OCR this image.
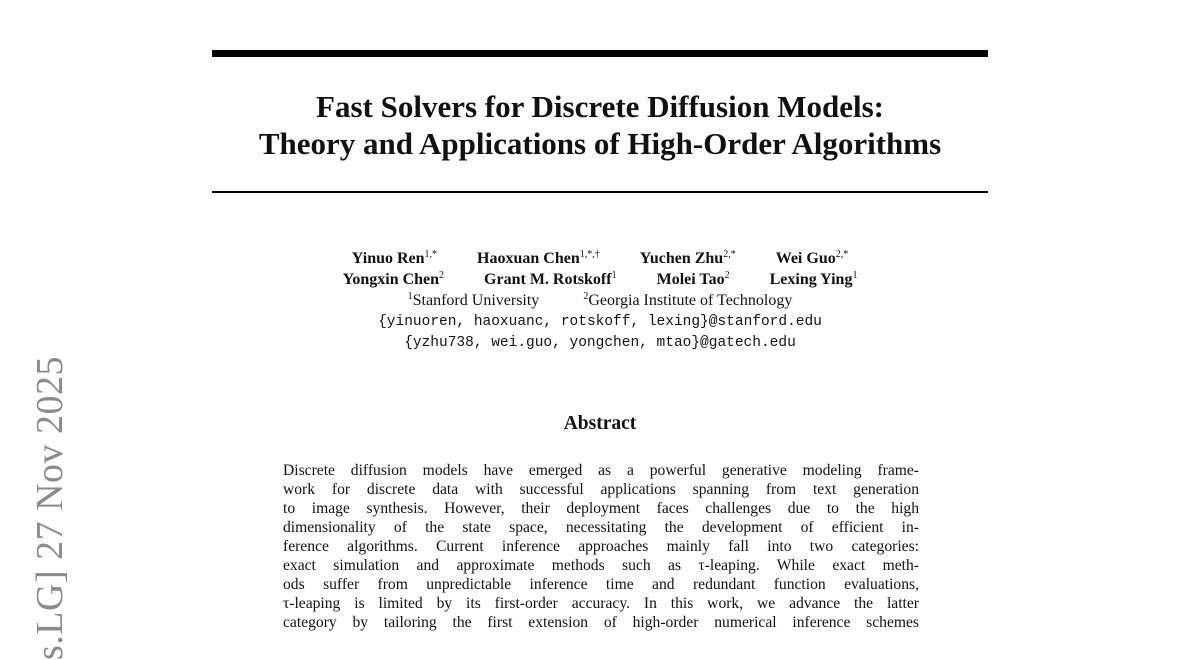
Fast Solvers for Discrete Diffusion Models:
Theory and Applications of High-Order Algorithms
Yinuo Ren$^{1,*}$	Haoxuan Chen$^{1,*,\dagger}$	Yuchen Zhu$^{2,*}$	Wei Guo$^{2,*}$
Yongxin Chen$^2$	Grant M. Rotskoff$^1$	Molei Tao$^2$	Lexing Ying$^1$
$^1$Stanford University	$^2$Georgia Institute of Technology
{yinuoren, haoxuanc, rotskoff, lexing}@stanford.edu
{yzhu738, wei.guo, yongchen, mtao}@gatech.edu
Abstract
Discrete diffusion models have emerged as a powerful generative modeling frame-
work for discrete data with successful applications spanning from text generation
to image synthesis. However, their deployment faces challenges due to the high
dimensionality of the state space, necessitating the development of efficient in-
ference algorithms. Current inference approaches mainly fall into two categories:
exact simulation and approximate methods such as τ-leaping. While exact meth-
ods suffer from unpredictable inference time and redundant function evaluations,
τ-leaping is limited by its first-order accuracy. In this work, we advance the latter
category by tailoring the first extension of high-order numerical inference schemes
s.LG] 27 Nov 2025
